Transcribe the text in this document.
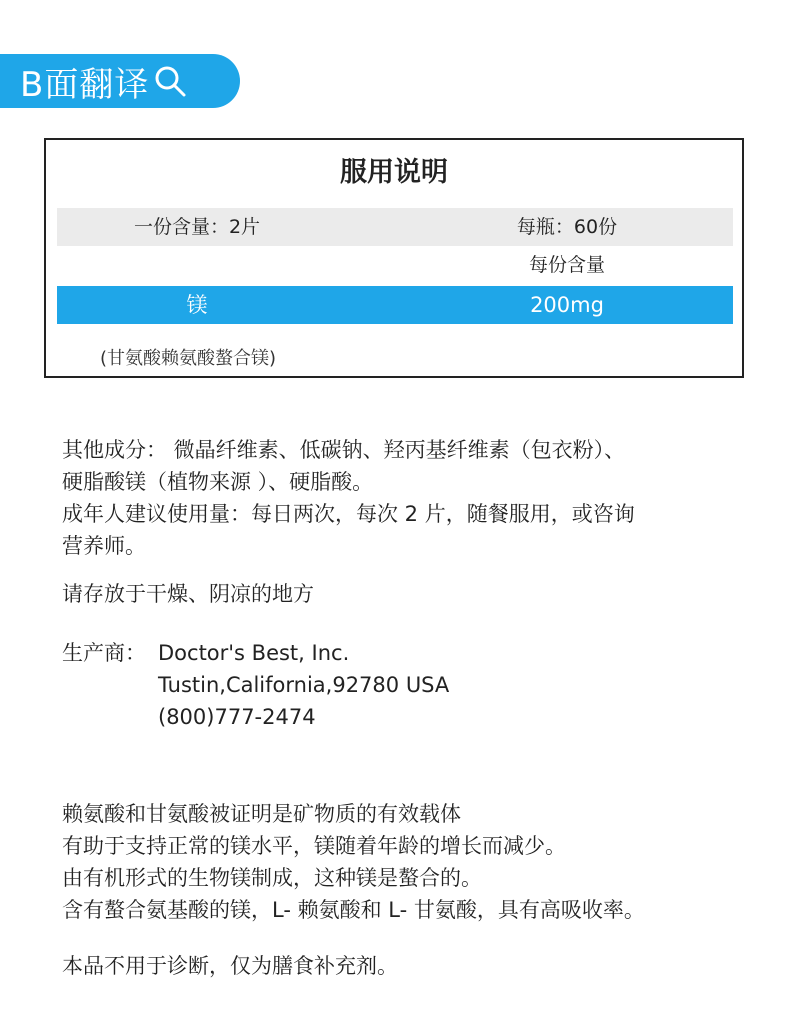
B面翻译
服用说明
一份含量：2片	每瓶：60份
每份含量
镁	200mg
(甘氨酸赖氨酸螯合镁)
其他成分： 微晶纤维素、低碳钠、羟丙基纤维素（包衣粉）、
硬脂酸镁（植物来源 ）、硬脂酸。
成年人建议使用量：每日两次，每次 2 片，随餐服用，或咨询
营养师。
请存放于干燥、阴凉的地方
生产商： Doctor's Best, Inc.
Tustin,California,92780 USA
(800)777-2474
赖氨酸和甘氨酸被证明是矿物质的有效载体
有助于支持正常的镁水平，镁随着年龄的增长而减少。
由有机形式的生物镁制成，这种镁是螯合的。
含有螯合氨基酸的镁，L- 赖氨酸和 L- 甘氨酸，具有高吸收率。
本品不用于诊断，仅为膳食补充剂。
